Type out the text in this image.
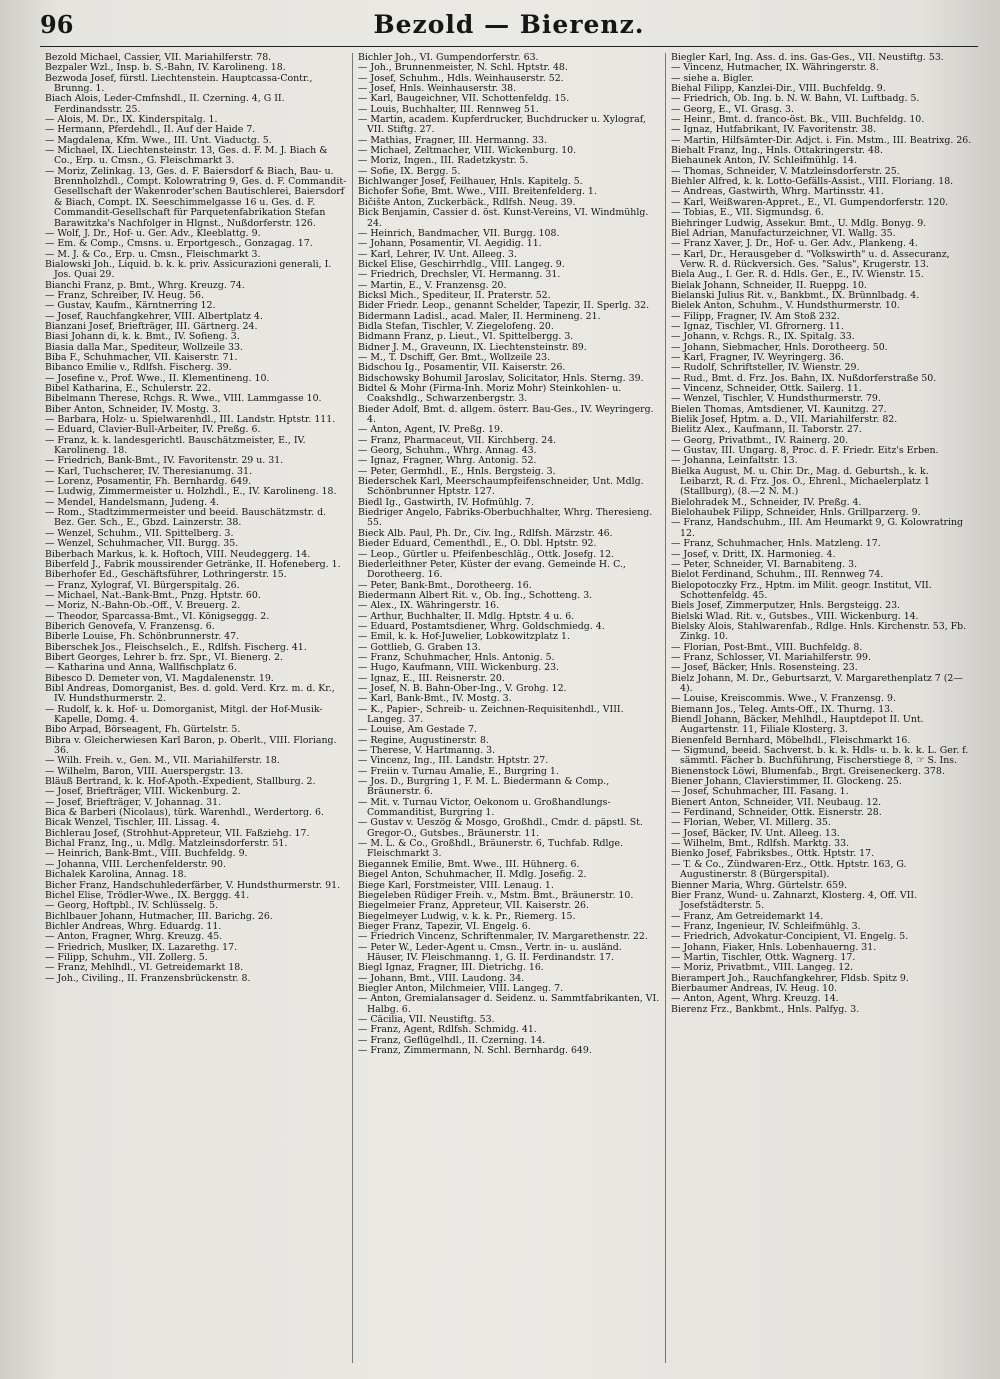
96	Bezold — Bierenz.
Bezold Michael, Cassier, VII. Mariahilferstr. 78.
Bezpaler Wzl., Insp. b. S.-Bahn, IV. Karolineng. 18.
Bezwoda Josef, fürstl. Liechtenstein. Hauptcassa-Contr., Brunng. 1.
Biach Alois, Leder-Cmfnshdl., II. Czerning. 4, G II. Ferdinandsstr. 25.
— Alois, M. Dr., IX. Kinderspitalg. 1.
— Hermann, Pferdehdl., II. Auf der Haide 7.
— Magdalena, Kfm. Wwe., III. Unt. Viaductg. 5.
— Michael, IX. Liechtensteinstr. 13, Ges. d. F. M. J. Biach & Co., Erp. u. Cmsn., G. Fleischmarkt 3.
— Moriz, Zelinkag. 13, Ges. d. F. Baiersdorf & Biach, Bau- u. Brennholzhdl., Compt. Kolowratring 9, Ges. d. F. Commandit-Gesellschaft der Wakenroder'schen Bautischlerei, Baiersdorf & Biach, Compt. IX. Seeschimmelgasse 16 u. Ges. d. F. Commandit-Gesellschaft für Parquetenfabrikation Stefan Barawitzka's Nachfolger in Hlgnst., Nußdorferstr. 126.
— Wolf, J. Dr., Hof- u. Ger. Adv., Kleeblattg. 9.
— Em. & Comp., Cmsns. u. Erportgesch., Gonzagag. 17.
— M. J. & Co., Erp. u. Cmsn., Fleischmarkt 3.
Bialowski Joh., Liquid. b. k. k. priv. Assicurazioni generali, I. Jos. Quai 29.
Bianchi Franz, p. Bmt., Whrg. Kreuzg. 74.
— Franz, Schreiber, IV. Heug. 56.
— Gustav, Kaufm., Kärntnerring 12.
— Josef, Rauchfangkehrer, VIII. Albertplatz 4.
Bianzani Josef, Briefträger, III. Gärtnerg. 24.
Biasi Johann di, k. k. Bmt., IV. Sofieng. 3.
Biasia dalla Mar., Spediteur, Wollzeile 33.
Biba F., Schuhmacher, VII. Kaiserstr. 71.
Bibanco Emilie v., Rdlfsh. Fischerg. 39.
— Josefine v., Prof. Wwe., II. Klementineng. 10.
Bibel Katharina, E., Schulerstr. 22.
Bibelmann Therese, Rchgs. R. Wwe., VIII. Lammgasse 10.
Biber Anton, Schneider, IV. Mostg. 3.
— Barbara, Holz- u. Spielwarenhdl., III. Landstr. Hptstr. 111.
— Eduard, Clavier-Bull-Arbeiter, IV. Preßg. 6.
— Franz, k. k. landesgerichtl. Bauschätzmeister, E., IV. Karolineng. 18.
— Friedrich, Bank-Bmt., IV. Favoritenstr. 29 u. 31.
— Karl, Tuchscherer, IV. Theresianumg. 31.
— Lorenz, Posamentir, Fh. Bernhardg. 649.
— Ludwig, Zimmermeister u. Holzhdl., E., IV. Karolineng. 18.
— Mendel, Handelsmann, Judeng. 4.
— Rom., Stadtzimmermeister und beeid. Bauschätzmstr. d. Bez. Ger. Sch., E., Gbzd. Lainzerstr. 38.
— Wenzel, Schuhm., VII. Spittelberg. 3.
— Wenzel, Schuhmacher, VII. Burgg. 35.
Biberbach Markus, k. k. Hoftoch, VIII. Neudeggerg. 14.
Biberfeld J., Fabrik moussirender Getränke, II. Hofeneberg. 1.
Biberhofer Ed., Geschäftsführer, Lothringerstr. 15.
— Franz, Xylograf, VI. Bürgerspitalg. 26.
— Michael, Nat.-Bank-Bmt., Pnzg. Hptstr. 60.
— Moriz, N.-Bahn-Ob.-Off., V. Breuerg. 2.
— Theodor, Sparcassa-Bmt., VI. Königseggg. 2.
Biberich Genovefa, V. Franzensg. 6.
Biberle Louise, Fh. Schönbrunnerstr. 47.
Biberschek Jos., Fleischselch., E., Rdlfsh. Fischerg. 41.
Bibert Georges, Lehrer b. frz. Spr., VI. Bienerg. 2.
— Katharina und Anna, Wallfischplatz 6.
Bibesco D. Demeter von, VI. Magdalenenstr. 19.
Bibl Andreas, Domorganist, Bes. d. gold. Verd. Krz. m. d. Kr., IV. Hundsthurmerstr. 2.
— Rudolf, k. k. Hof- u. Domorganist, Mitgl. der Hof-Musik-Kapelle, Domg. 4.
Bibo Arpad, Börseagent, Fh. Gürtelstr. 5.
Bibra v. Gleicherwiesen Karl Baron, p. Oberlt., VIII. Floriang. 36.
— Wilh. Freih. v., Gen. M., VII. Mariahilferstr. 18.
— Wilhelm, Baron, VIII. Auerspergstr. 13.
Bläuß Bertrand, k. k. Hof-Apoth.-Expedient, Stallburg. 2.
— Josef, Briefträger, VIII. Wickenburg. 2.
— Josef, Briefträger, V. Johannag. 31.
Bica & Barberi (Nicolaus), türk. Warenhdl., Werdertorg. 6.
Bicak Wenzel, Tischler, III. Lissag. 4.
Bichlerau Josef, (Strohhut-Appreteur, VII. Faßziehg. 17.
Bichal Franz, Ing., u. Mdlg. Matzleinsdorferstr. 51.
— Heinrich, Bank-Bmt., VIII. Buchfeldg. 9.
— Johanna, VIII. Lerchenfelderstr. 90.
Bichalek Karolina, Annag. 18.
Bicher Franz, Handschuhlederfärber, V. Hundsthurmerstr. 91.
Bichel Elise, Trödler-Wwe., IX. Berggg. 41.
— Georg, Hoftpbl., IV. Schlüsselg. 5.
Bichlbauer Johann, Hutmacher, III. Barichg. 26.
Bichler Andreas, Whrg. Eduardg. 11.
— Anton, Fragner, Whrg. Kreuzg. 45.
— Friedrich, Muslker, IX. Lazarethg. 17.
— Filipp, Schuhm., VII. Zollerg. 5.
— Franz, Mehlhdl., VI. Getreidemarkt 18.
— Joh., Civiling., II. Franzensbrückenstr. 8.
Bichler Joh., VI. Gumpendorferstr. 63.
— Joh., Brunnenmeister, N. Schl. Hptstr. 48.
— Josef, Schuhm., Hdls. Weinhauserstr. 52.
— Josef, Hnls. Weinhauserstr. 38.
— Karl, Baugeichner, VII. Schottenfeldg. 15.
— Louis, Buchhalter, III. Rennweg 51.
— Martin, academ. Kupferdrucker, Buchdrucker u. Xylograf, VII. Stiftg. 27.
— Mathias, Fragner, III. Hermanng. 33.
— Michael, Zeltmacher, VIII. Wickenburg. 10.
— Moriz, Ingen., III. Radetzkystr. 5.
— Sofie, IX. Bergg. 5.
Bichlwanger Josef, Feilhauer, Hnls. Kapitelg. 5.
Bichofer Sofie, Bmt. Wwe., VIII. Breitenfelderg. 1.
Bičište Anton, Zuckerbäck., Rdlfsh. Neug. 39.
Bick Benjamin, Cassier d. öst. Kunst-Vereins, VI. Windmühlg. 24.
— Heinrich, Bandmacher, VII. Burgg. 108.
— Johann, Posamentir, VI. Aegidig. 11.
— Karl, Lehrer, IV. Unt. Alleeg. 3.
Bickel Elise, Geschirrhdlg., VIII. Langeg. 9.
— Friedrich, Drechsler, VI. Hermanng. 31.
— Martin, E., V. Franzensg. 20.
Bicksl Mich., Spediteur, II. Praterstr. 52.
Bider Friedr. Leop., genannt Schelder, Tapezir, II. Sperlg. 32.
Bidermann Ladisl., acad. Maler, II. Hermineng. 21.
Bidla Stefan, Tischler, V. Ziegelofeng. 20.
Bidmann Franz, p. Lieut., VI. Spittelbergg. 3.
Bidner J. M., Graveunn, IX. Liechtensteinstr. 89.
— M., T. Dschiff, Ger. Bmt., Wollzeile 23.
Bidschou Ig., Posamentir, VII. Kaiserstr. 26.
Bidschowsky Bohumil Jaroslav, Solicitator, Hnls. Sterng. 39.
Bidtel & Mohr (Firma-Inh. Moriz Mohr) Steinkohlen- u. Coakshdlg., Schwarzenbergstr. 3.
Bieder Adolf, Bmt. d. allgem. österr. Bau-Ges., IV. Weyringerg. 4.
— Anton, Agent, IV. Preßg. 19.
— Franz, Pharmaceut, VII. Kirchberg. 24.
— Georg, Schuhm., Whrg. Annag. 43.
— Ignaz, Fragner, Whrg. Antonig. 52.
— Peter, Germhdl., E., Hnls. Bergsteig. 3.
Biederschek Karl, Meerschaumpfeifenschneider, Unt. Mdlg. Schönbrunner Hptstr. 127.
Biedl Ig., Gastwirth, IV. Hofmühlg. 7.
Biedriger Angelo, Fabriks-Oberbuchhalter, Whrg. Theresieng. 55.
Bieck Alb. Paul, Ph. Dr., Civ. Ing., Rdlfsh. Märzstr. 46.
Bieder Eduard, Cementhdl., E., O. Dbl. Hptstr. 92.
— Leop., Gürtler u. Pfeifenbeschläg., Ottk. Josefg. 12.
Biederleithner Peter, Küster der evang. Gemeinde H. C., Dorotheerg. 16.
— Peter, Bank-Bmt., Dorotheerg. 16.
Biedermann Albert Rit. v., Ob. Ing., Schotteng. 3.
— Alex., IX. Währingerstr. 16.
— Arthur, Buchhalter, II. Mdlg. Hptstr. 4 u. 6.
— Eduard, Postamtsdiener, Whrg. Goldschmiedg. 4.
— Emil, k. k. Hof-Juwelier, Lobkowitzplatz 1.
— Gottlieb, G. Graben 13.
— Franz, Schuhmacher, Hnls. Antonig. 5.
— Hugo, Kaufmann, VIII. Wickenburg. 23.
— Ignaz, E., III. Reisnerstr. 20.
— Josef, N. B. Bahn-Ober-Ing., V. Grohg. 12.
— Karl, Bank-Bmt., IV. Mostg. 3.
— K., Papier-, Schreib- u. Zeichnen-Requisitenhdl., VIII. Langeg. 37.
— Louise, Am Gestade 7.
— Regine, Augustinerstr. 8.
— Therese, V. Hartmanng. 3.
— Vincenz, Ing., III. Landstr. Hptstr. 27.
— Freiin v. Turnau Amalie, E., Burgring 1.
— Jos. D., Burgring 1, F. M. L. Biedermann & Comp., Bräunerstr. 6.
— Mit. v. Turnau Victor, Oekonom u. Großhandlungs-Commanditist, Burgring 1.
— Gustav v. Ueszög & Mosgo, Großhdl., Cmdr. d. päpstl. St. Gregor-O., Gutsbes., Bräunerstr. 11.
— M. L. & Co., Großhdl., Bräunerstr. 6, Tuchfab. Rdlge. Fleischmarkt 3.
Biegannek Emilie, Bmt. Wwe., III. Hühnerg. 6.
Biegel Anton, Schuhmacher, II. Mdlg. Josefig. 2.
Biege Karl, Forstmeister, VIII. Lenaug. 1.
Biegeleben Rüdiger Freih. v., Mstm. Bmt., Bräunerstr. 10.
Biegelmeier Franz, Appreteur, VII. Kaiserstr. 26.
Biegelmeyer Ludwig, v. k. k. Pr., Riemerg. 15.
Bieger Franz, Tapezir, VI. Engelg. 6.
— Friedrich Vincenz, Schriftenmaler, IV. Margarethenstr. 22.
— Peter W., Leder-Agent u. Cmsn., Vertr. in- u. ausländ. Häuser, IV. Fleischmanng. 1, G. II. Ferdinandstr. 17.
Biegl Ignaz, Fragner, III. Dietrichg. 16.
— Johann, Bmt., VIII. Laudong. 34.
Biegler Anton, Milchmeier, VIII. Langeg. 7.
— Anton, Gremialansager d. Seidenz. u. Sammtfabrikanten, VI. Halbg. 6.
— Cäcilia, VII. Neustiftg. 53.
— Franz, Agent, Rdlfsh. Schmidg. 41.
— Franz, Geflügelhdl., II. Czerning. 14.
— Franz, Zimmermann, N. Schl. Bernhardg. 649.
Biegler Karl, Ing. Ass. d. ins. Gas-Ges., VII. Neustiftg. 53.
— Vincenz, Hutmacher, IX. Währingerstr. 8.
— siehe a. Bigler.
Biehal Filipp, Kanzlei-Dir., VIII. Buchfeldg. 9.
— Friedrich, Ob. Ing. b. N. W. Bahn, VI. Luftbadg. 5.
— Georg, E., VI. Grasg. 3.
— Heinr., Bmt. d. franco-öst. Bk., VIII. Buchfeldg. 10.
— Ignaz, Hutfabrikant, IV. Favoritenstr. 38.
— Martin, Hilfsämter-Dir. Adjct. i. Fin. Mstm., III. Beatrixg. 26.
Biehalt Franz, Ing., Hnls. Ottakringerstr. 48.
Biehaunek Anton, IV. Schleifmühlg. 14.
— Thomas, Schneider, V. Matzleinsdorferstr. 25.
Biehler Alfred, k. k. Lotto-Gefälls-Assist., VIII. Floriang. 18.
— Andreas, Gastwirth, Whrg. Martinsstr. 41.
— Karl, Weißwaren-Appret., E., VI. Gumpendorferstr. 120.
— Tobias, E., VII. Sigmundsg. 6.
Biehringer Ludwig, Assekur. Bmt., U. Mdlg. Bonyg. 9.
Biel Adrian, Manufacturzeichner, VI. Wallg. 35.
— Franz Xaver, J. Dr., Hof- u. Ger. Adv., Plankeng. 4.
— Karl, Dr., Herausgeber d. "Volkswirth" u. d. Assecuranz, Verw. R. d. Rückversich. Ges. "Salus", Krugerstr. 13.
Biela Aug., I. Ger. R. d. Hdls. Ger., E., IV. Wienstr. 15.
Bielak Johann, Schneider, II. Rueppg. 10.
Bielanski Julius Rit. v., Bankbmt., IX. Brünnlbadg. 4.
Bielek Anton, Schuhm., V. Hundsthurmerstr. 10.
— Filipp, Fragner, IV. Am Stoß 232.
— Ignaz, Tischler, VI. Gfrornerg. 11.
— Johann, v. Rchgs. R., IX. Spitalg. 33.
— Johann, Siebmacher, Hnls. Dorotheerg. 50.
— Karl, Fragner, IV. Weyringerg. 36.
— Rudolf, Schriftsteller, IV. Wienstr. 29.
— Rud., Bmt. d. Frz. Jos. Bahn, IX. Nußdorferstraße 50.
— Vincenz, Schneider, Ottk. Sailerg. 11.
— Wenzel, Tischler, V. Hundsthurmerstr. 79.
Bielen Thomas, Amtsdiener, VI. Kaunitzg. 27.
Bielik Josef, Hptm. a. D., VII. Mariahilferstr. 82.
Bielitz Alex., Kaufmann, II. Taborstr. 27.
— Georg, Privatbmt., IV. Rainerg. 20.
— Gustav, III. Ungarg. 8, Proc. d. F. Friedr. Eitz's Erben.
— Johanna, Leinfaltstr. 13.
Bielka August, M. u. Chir. Dr., Mag. d. Geburtsh., k. k. Leibarzt, R. d. Frz. Jos. O., Ehrenl., Michaelerplatz 1 (Stallburg), (8.—2 N. M.)
Bielohradek M., Schneider, IV. Preßg. 4.
Bielohaubek Filipp, Schneider, Hnls. Grillparzerg. 9.
— Franz, Handschuhm., III. Am Heumarkt 9, G. Kolowratring 12.
— Franz, Schuhmacher, Hnls. Matzleng. 17.
— Josef, v. Dritt, IX. Harmonieg. 4.
— Peter, Schneider, VI. Barnabiteng. 3.
Bielot Ferdinand, Schuhm., III. Rennweg 74.
Bielopotoczky Frz., Hptm. im Milit. geogr. Institut, VII. Schottenfeldg. 45.
Biels Josef, Zimmerputzer, Hnls. Bergsteigg. 23.
Bielski Wlad. Rit. v., Gutsbes., VIII. Wickenburg. 14.
Bielsky Alois, Stahlwarenfab., Rdlge. Hnls. Kirchenstr. 53, Fb. Zinkg. 10.
— Florian, Post-Bmt., VIII. Buchfeldg. 8.
— Franz, Schlosser, VI. Mariahilferstr. 99.
— Josef, Bäcker, Hnls. Rosensteing. 23.
Bielz Johann, M. Dr., Geburtsarzt, V. Margarethenplatz 7 (2—4).
— Louise, Kreiscommis. Wwe., V. Franzensg. 9.
Biemann Jos., Teleg. Amts-Off., IX. Thurng. 13.
Biendl Johann, Bäcker, Mehlhdl., Hauptdepot II. Unt. Augartenstr. 11, Filiale Klosterg. 3.
Bienenfeld Bernhard, Möbelhdl., Fleischmarkt 16.
— Sigmund, beeid. Sachverst. b. k. k. Hdls- u. b. k. k. L. Ger. f. sämmtl. Fächer b. Buchführung, Fischerstiege 8, ☞ S. Ins.
Bienenstock Löwi, Blumenfab., Brgt. Greiseneckerg. 378.
Biener Johann, Clavierstimmer, II. Glockeng. 25.
— Josef, Schuhmacher, III. Fasang. 1.
Bienert Anton, Schneider, VII. Neubaug. 12.
— Ferdinand, Schneider, Ottk. Eisnerstr. 28.
— Florian, Weber, VI. Millerg. 35.
— Josef, Bäcker, IV. Unt. Alleeg. 13.
— Wilhelm, Bmt., Rdlfsh. Marktg. 33.
Bienko Josef, Fabriksbes., Ottk. Hptstr. 17.
— T. & Co., Zündwaren-Erz., Ottk. Hptstr. 163, G. Augustinerstr. 8 (Bürgerspital).
Bienner Maria, Whrg. Gürtelstr. 659.
Bier Franz, Wund- u. Zahnarzt, Klosterg. 4, Off. VII. Josefstädterstr. 5.
— Franz, Am Getreidemarkt 14.
— Franz, Ingenieur, IV. Schleifmühlg. 3.
— Friedrich, Advokatur-Concipient, VI. Engelg. 5.
— Johann, Fiaker, Hnls. Lobenhauerng. 31.
— Martin, Tischler, Ottk. Wagnerg. 17.
— Moriz, Privatbmt., VIII. Langeg. 12.
Bierampert Joh., Rauchfangkehrer, Fldsb. Spitz 9.
Bierbaumer Andreas, IV. Heug. 10.
— Anton, Agent, Whrg. Kreuzg. 14.
Bierenz Frz., Bankbmt., Hnls. Palfyg. 3.
